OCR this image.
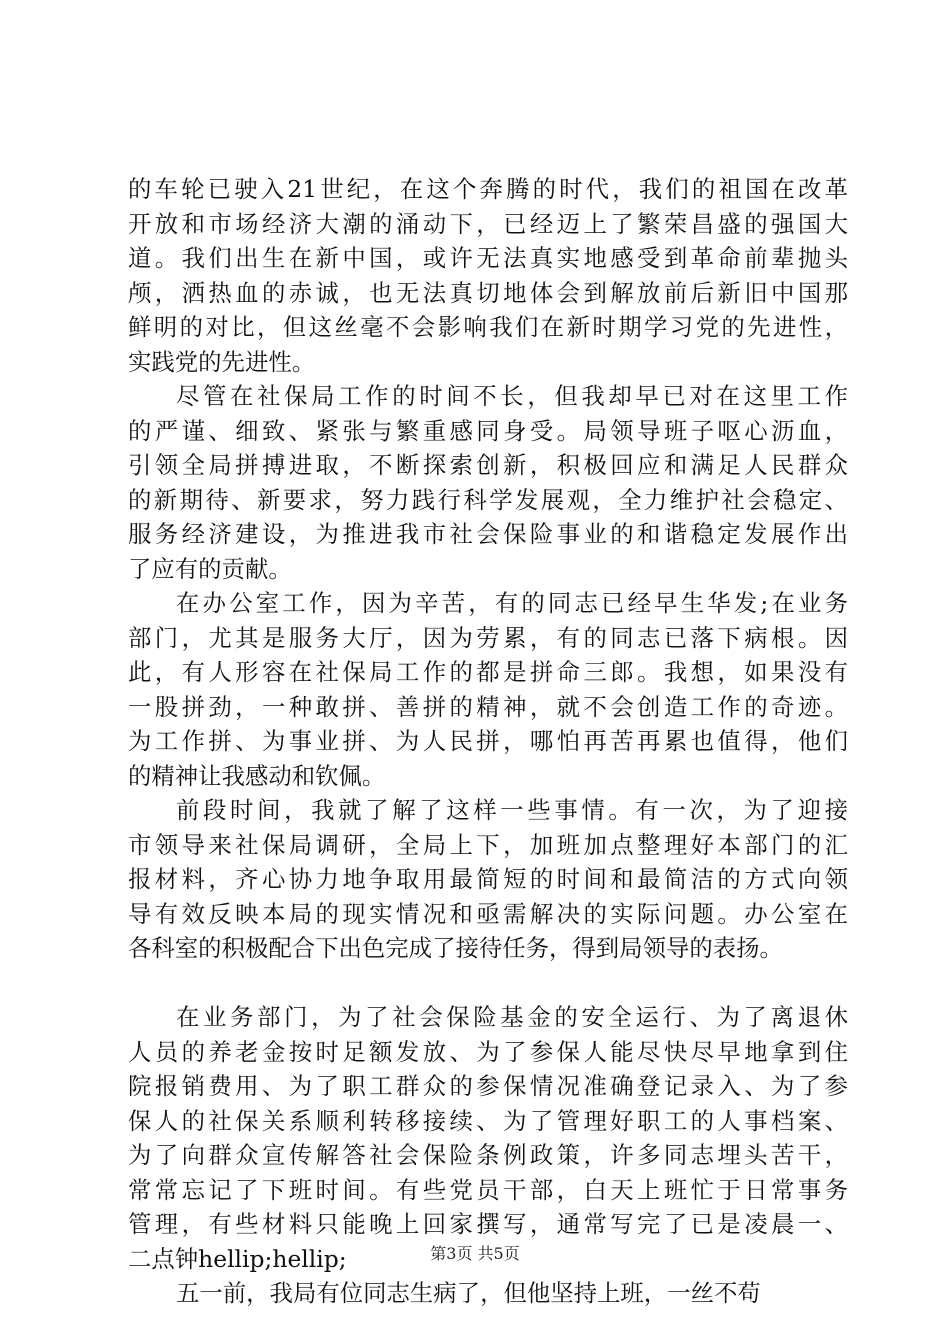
的车轮已驶入21世纪，在这个奔腾的时代，我们的祖国在改革
开放和市场经济大潮的涌动下，已经迈上了繁荣昌盛的强国大
道。我们出生在新中国，或许无法真实地感受到革命前辈抛头
颅，洒热血的赤诚，也无法真切地体会到解放前后新旧中国那
鲜明的对比，但这丝毫不会影响我们在新时期学习党的先进性，
实践党的先进性。
尽管在社保局工作的时间不长，但我却早已对在这里工作
的严谨、细致、紧张与繁重感同身受。局领导班子呕心沥血，
引领全局拼搏进取，不断探索创新，积极回应和满足人民群众
的新期待、新要求，努力践行科学发展观，全力维护社会稳定、
服务经济建设，为推进我市社会保险事业的和谐稳定发展作出
了应有的贡献。
在办公室工作，因为辛苦，有的同志已经早生华发;在业务
部门，尤其是服务大厅，因为劳累，有的同志已落下病根。因
此，有人形容在社保局工作的都是拼命三郎。我想，如果没有
一股拼劲，一种敢拼、善拼的精神，就不会创造工作的奇迹。
为工作拼、为事业拼、为人民拼，哪怕再苦再累也值得，他们
的精神让我感动和钦佩。
前段时间，我就了解了这样一些事情。有一次，为了迎接
市领导来社保局调研，全局上下，加班加点整理好本部门的汇
报材料，齐心协力地争取用最简短的时间和最简洁的方式向领
导有效反映本局的现实情况和亟需解决的实际问题。办公室在
各科室的积极配合下出色完成了接待任务，得到局领导的表扬。
在业务部门，为了社会保险基金的安全运行、为了离退休
人员的养老金按时足额发放、为了参保人能尽快尽早地拿到住
院报销费用、为了职工群众的参保情况准确登记录入、为了参
保人的社保关系顺利转移接续、为了管理好职工的人事档案、
为了向群众宣传解答社会保险条例政策，许多同志埋头苦干，
常常忘记了下班时间。有些党员干部，白天上班忙于日常事务
管理，有些材料只能晚上回家撰写，通常写完了已是凌晨一、
二点钟hellip;hellip;
五一前，我局有位同志生病了，但他坚持上班，一丝不苟
第3页 共5页
